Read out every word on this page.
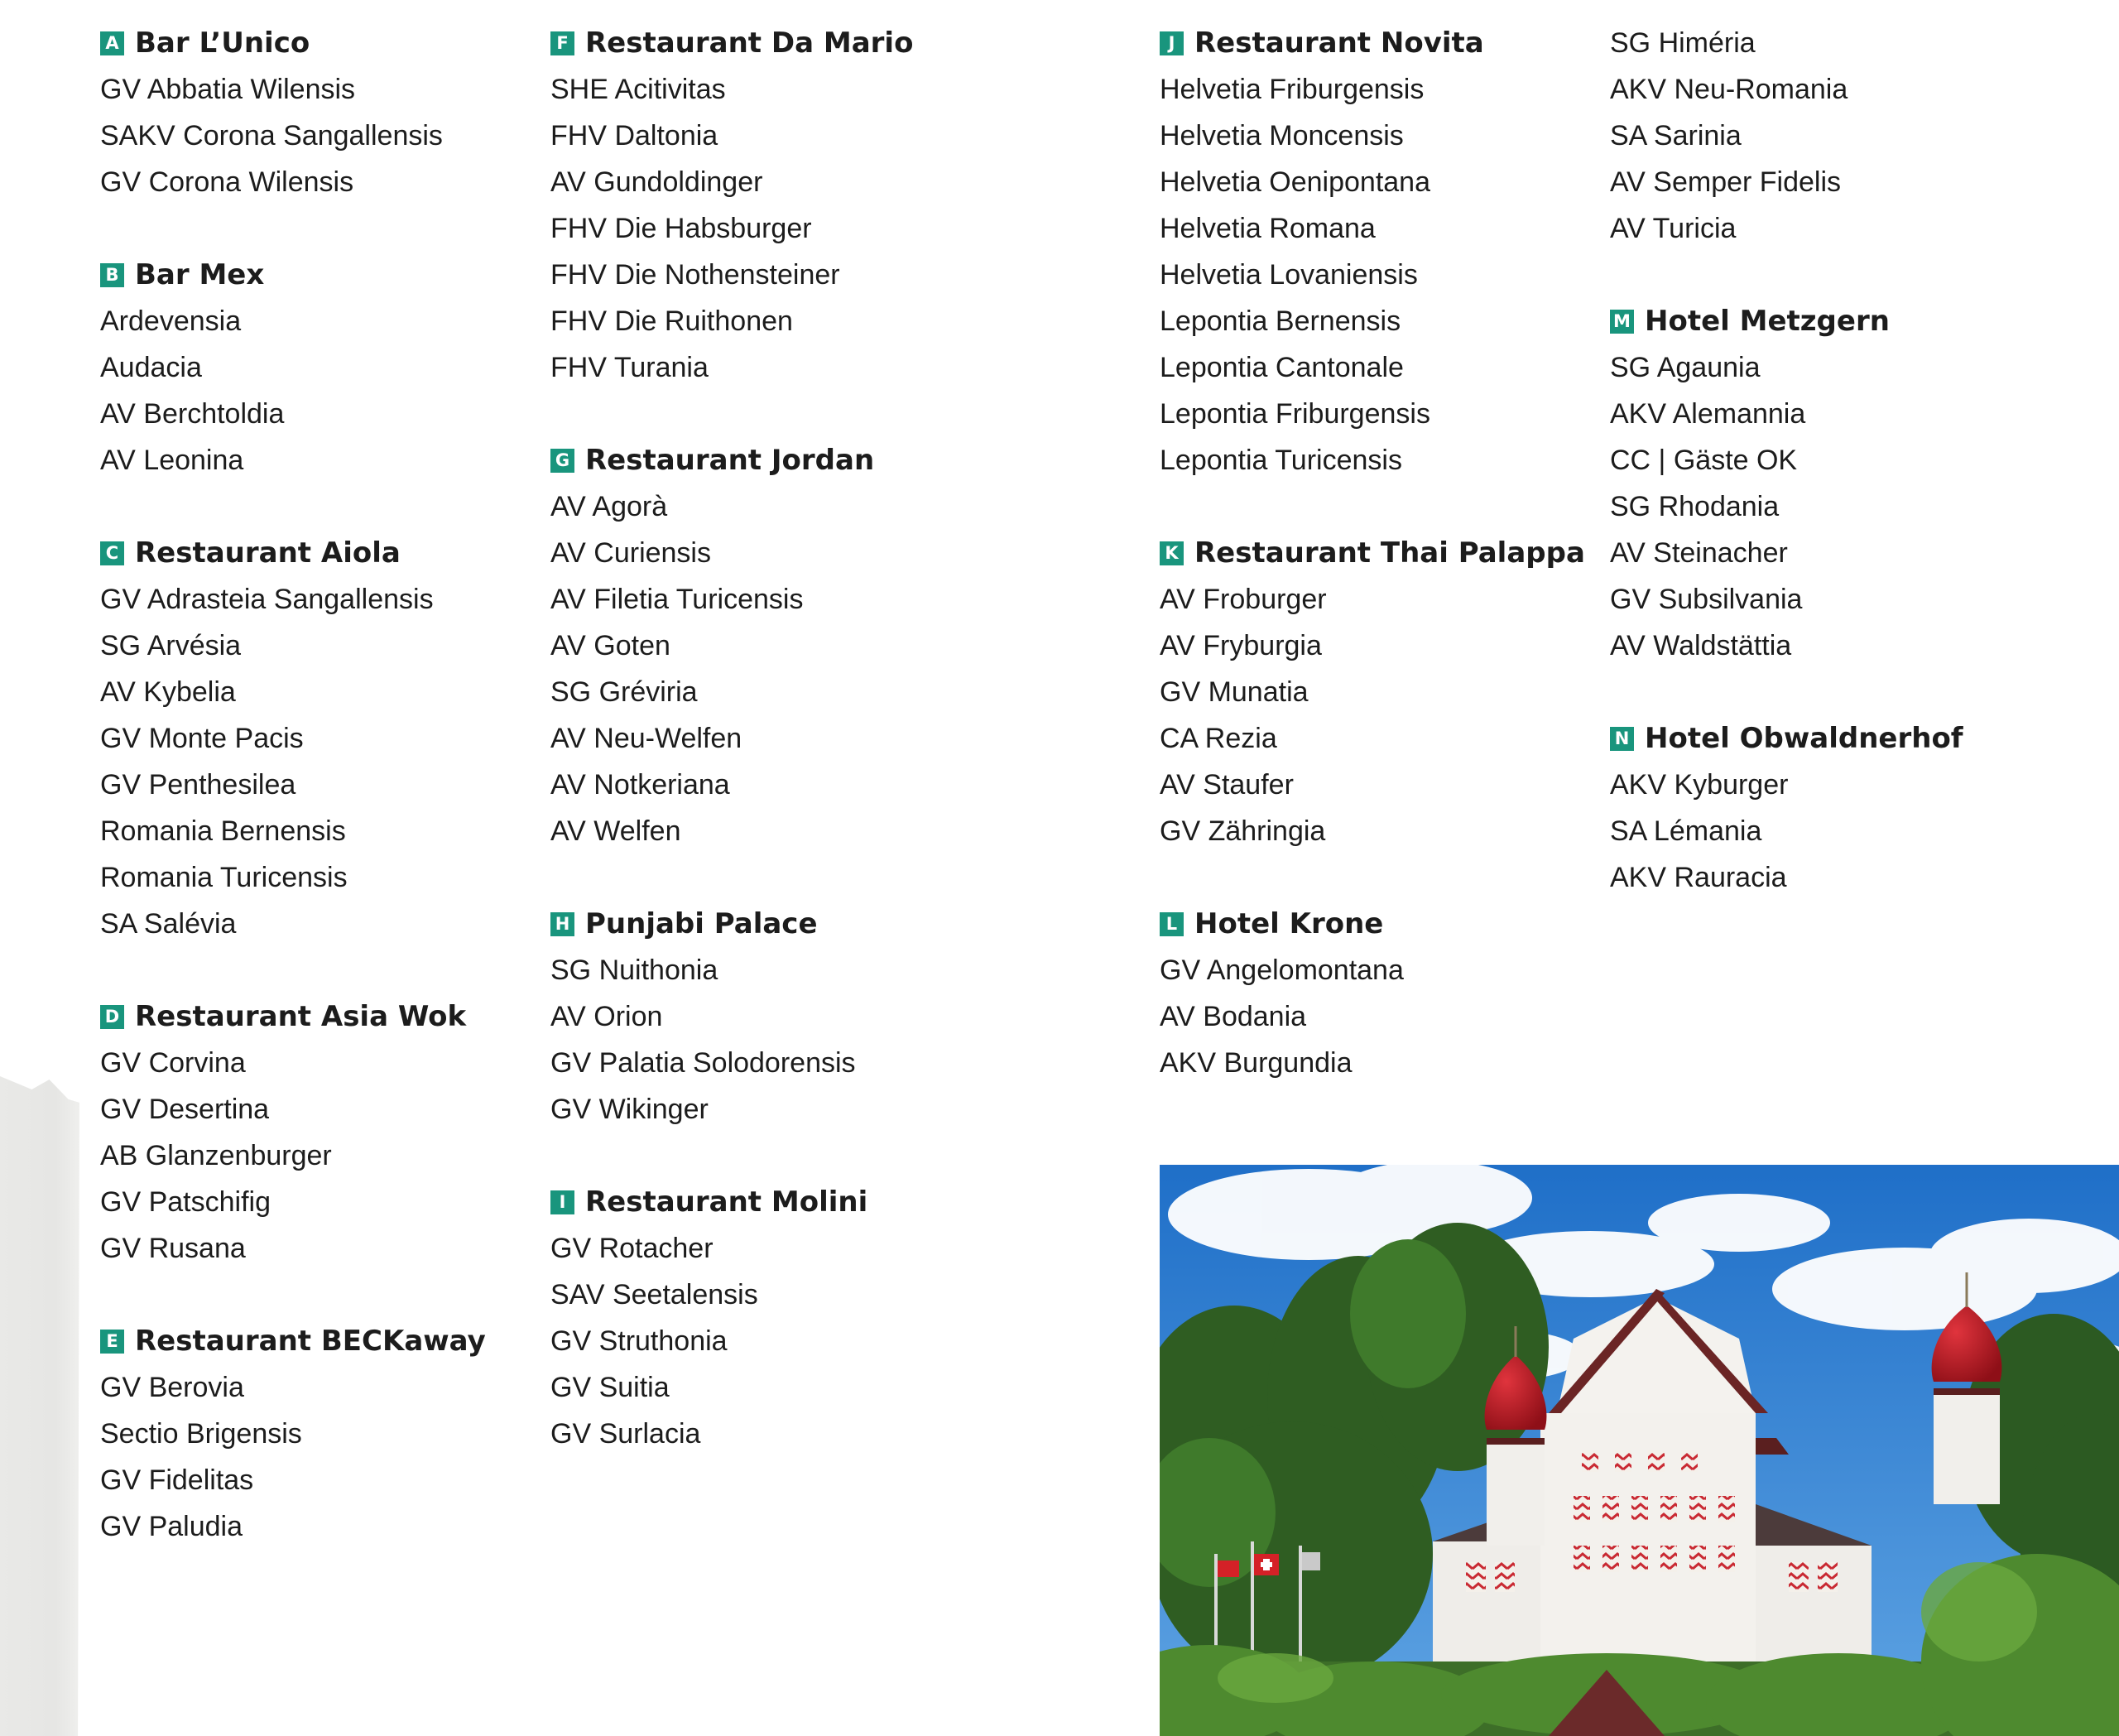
A Bar L’Unico
GV Abbatia Wilensis
SAKV Corona Sangallensis
GV Corona Wilensis
B Bar Mex
Ardevensia
Audacia
AV Berchtoldia
AV Leonina
C Restaurant Aiola
GV Adrasteia Sangallensis
SG Arvésia
AV Kybelia
GV Monte Pacis
GV Penthesilea
Romania Bernensis
Romania Turicensis
SA Salévia
D Restaurant Asia Wok
GV Corvina
GV Desertina
AB Glanzenburger
GV Patschifig
GV Rusana
E Restaurant BECKaway
GV Berovia
Sectio Brigensis
GV Fidelitas
GV Paludia
F Restaurant Da Mario
SHE Acitivitas
FHV Daltonia
AV Gundoldinger
FHV Die Habsburger
FHV Die Nothensteiner
FHV Die Ruithonen
FHV Turania
G Restaurant Jordan
AV Agorà
AV Curiensis
AV Filetia Turicensis
AV Goten
SG Gréviria
AV Neu-Welfen
AV Notkeriana
AV Welfen
H Punjabi Palace
SG Nuithonia
AV Orion
GV Palatia Solodorensis
GV Wikinger
I Restaurant Molini
GV Rotacher
SAV Seetalensis
GV Struthonia
GV Suitia
GV Surlacia
J Restaurant Novita
Helvetia Friburgensis
Helvetia Moncensis
Helvetia Oenipontana
Helvetia Romana
Helvetia Lovaniensis
Lepontia Bernensis
Lepontia Cantonale
Lepontia Friburgensis
Lepontia Turicensis
K Restaurant Thai Palappa
AV Froburger
AV Fryburgia
GV Munatia
CA Rezia
AV Staufer
GV Zähringia
L Hotel Krone
GV Angelomontana
AV Bodania
AKV Burgundia
SG Himéria
AKV Neu-Romania
SA Sarinia
AV Semper Fidelis
AV Turicia
M Hotel Metzgern
SG Agaunia
AKV Alemannia
CC | Gäste OK
SG Rhodania
AV Steinacher
GV Subsilvania
AV Waldstättia
N Hotel Obwaldnerhof
AKV Kyburger
SA Lémania
AKV Rauracia
